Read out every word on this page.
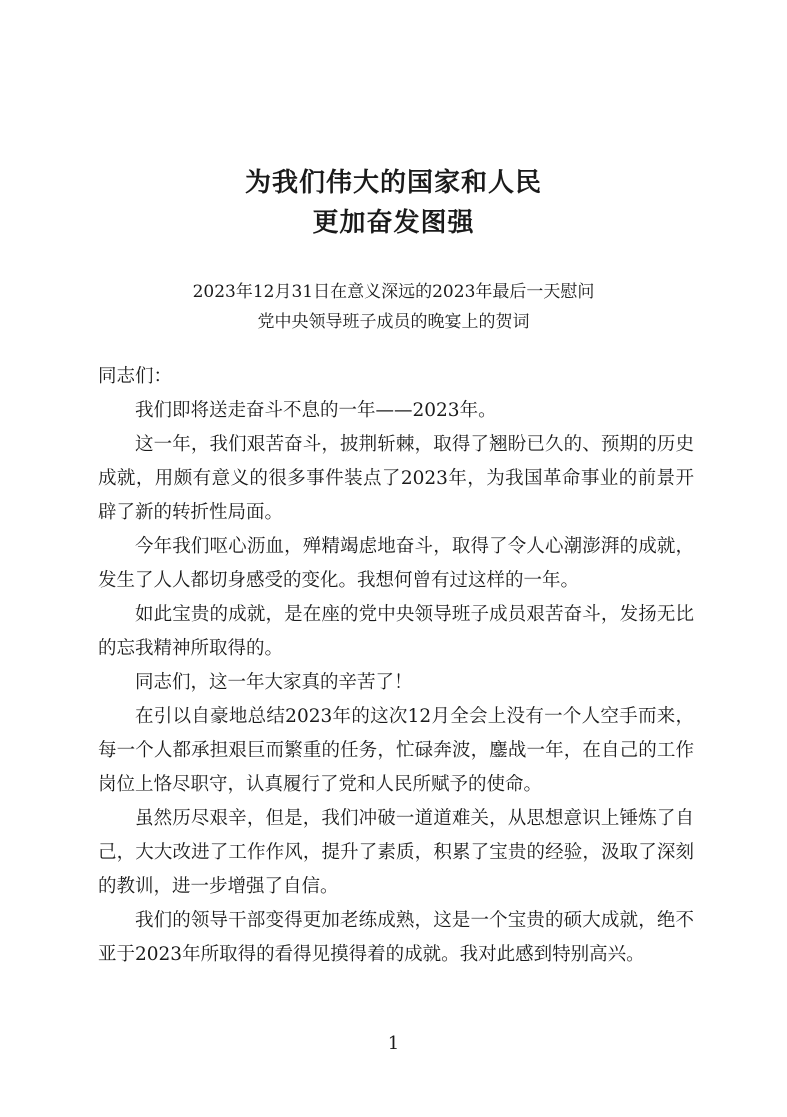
为我们伟大的国家和人民
更加奋发图强
2023年12月31日在意义深远的2023年最后一天慰问
党中央领导班子成员的晚宴上的贺词

同志们：

我们即将送走奋斗不息的一年——2023年。

这一年，我们艰苦奋斗，披荆斩棘，取得了翘盼已久的、预期的历史成就，用颇有意义的很多事件装点了2023年，为我国革命事业的前景开辟了新的转折性局面。

今年我们呕心沥血，殚精竭虑地奋斗，取得了令人心潮澎湃的成就，发生了人人都切身感受的变化。我想何曾有过这样的一年。

如此宝贵的成就，是在座的党中央领导班子成员艰苦奋斗，发扬无比的忘我精神所取得的。

同志们，这一年大家真的辛苦了！

在引以自豪地总结2023年的这次12月全会上没有一个人空手而来，每一个人都承担艰巨而繁重的任务，忙碌奔波，鏖战一年，在自己的工作岗位上恪尽职守，认真履行了党和人民所赋予的使命。

虽然历尽艰辛，但是，我们冲破一道道难关，从思想意识上锤炼了自己，大大改进了工作作风，提升了素质，积累了宝贵的经验，汲取了深刻的教训，进一步增强了自信。

我们的领导干部变得更加老练成熟，这是一个宝贵的硕大成就，绝不亚于2023年所取得的看得见摸得着的成就。我对此感到特别高兴。

1
